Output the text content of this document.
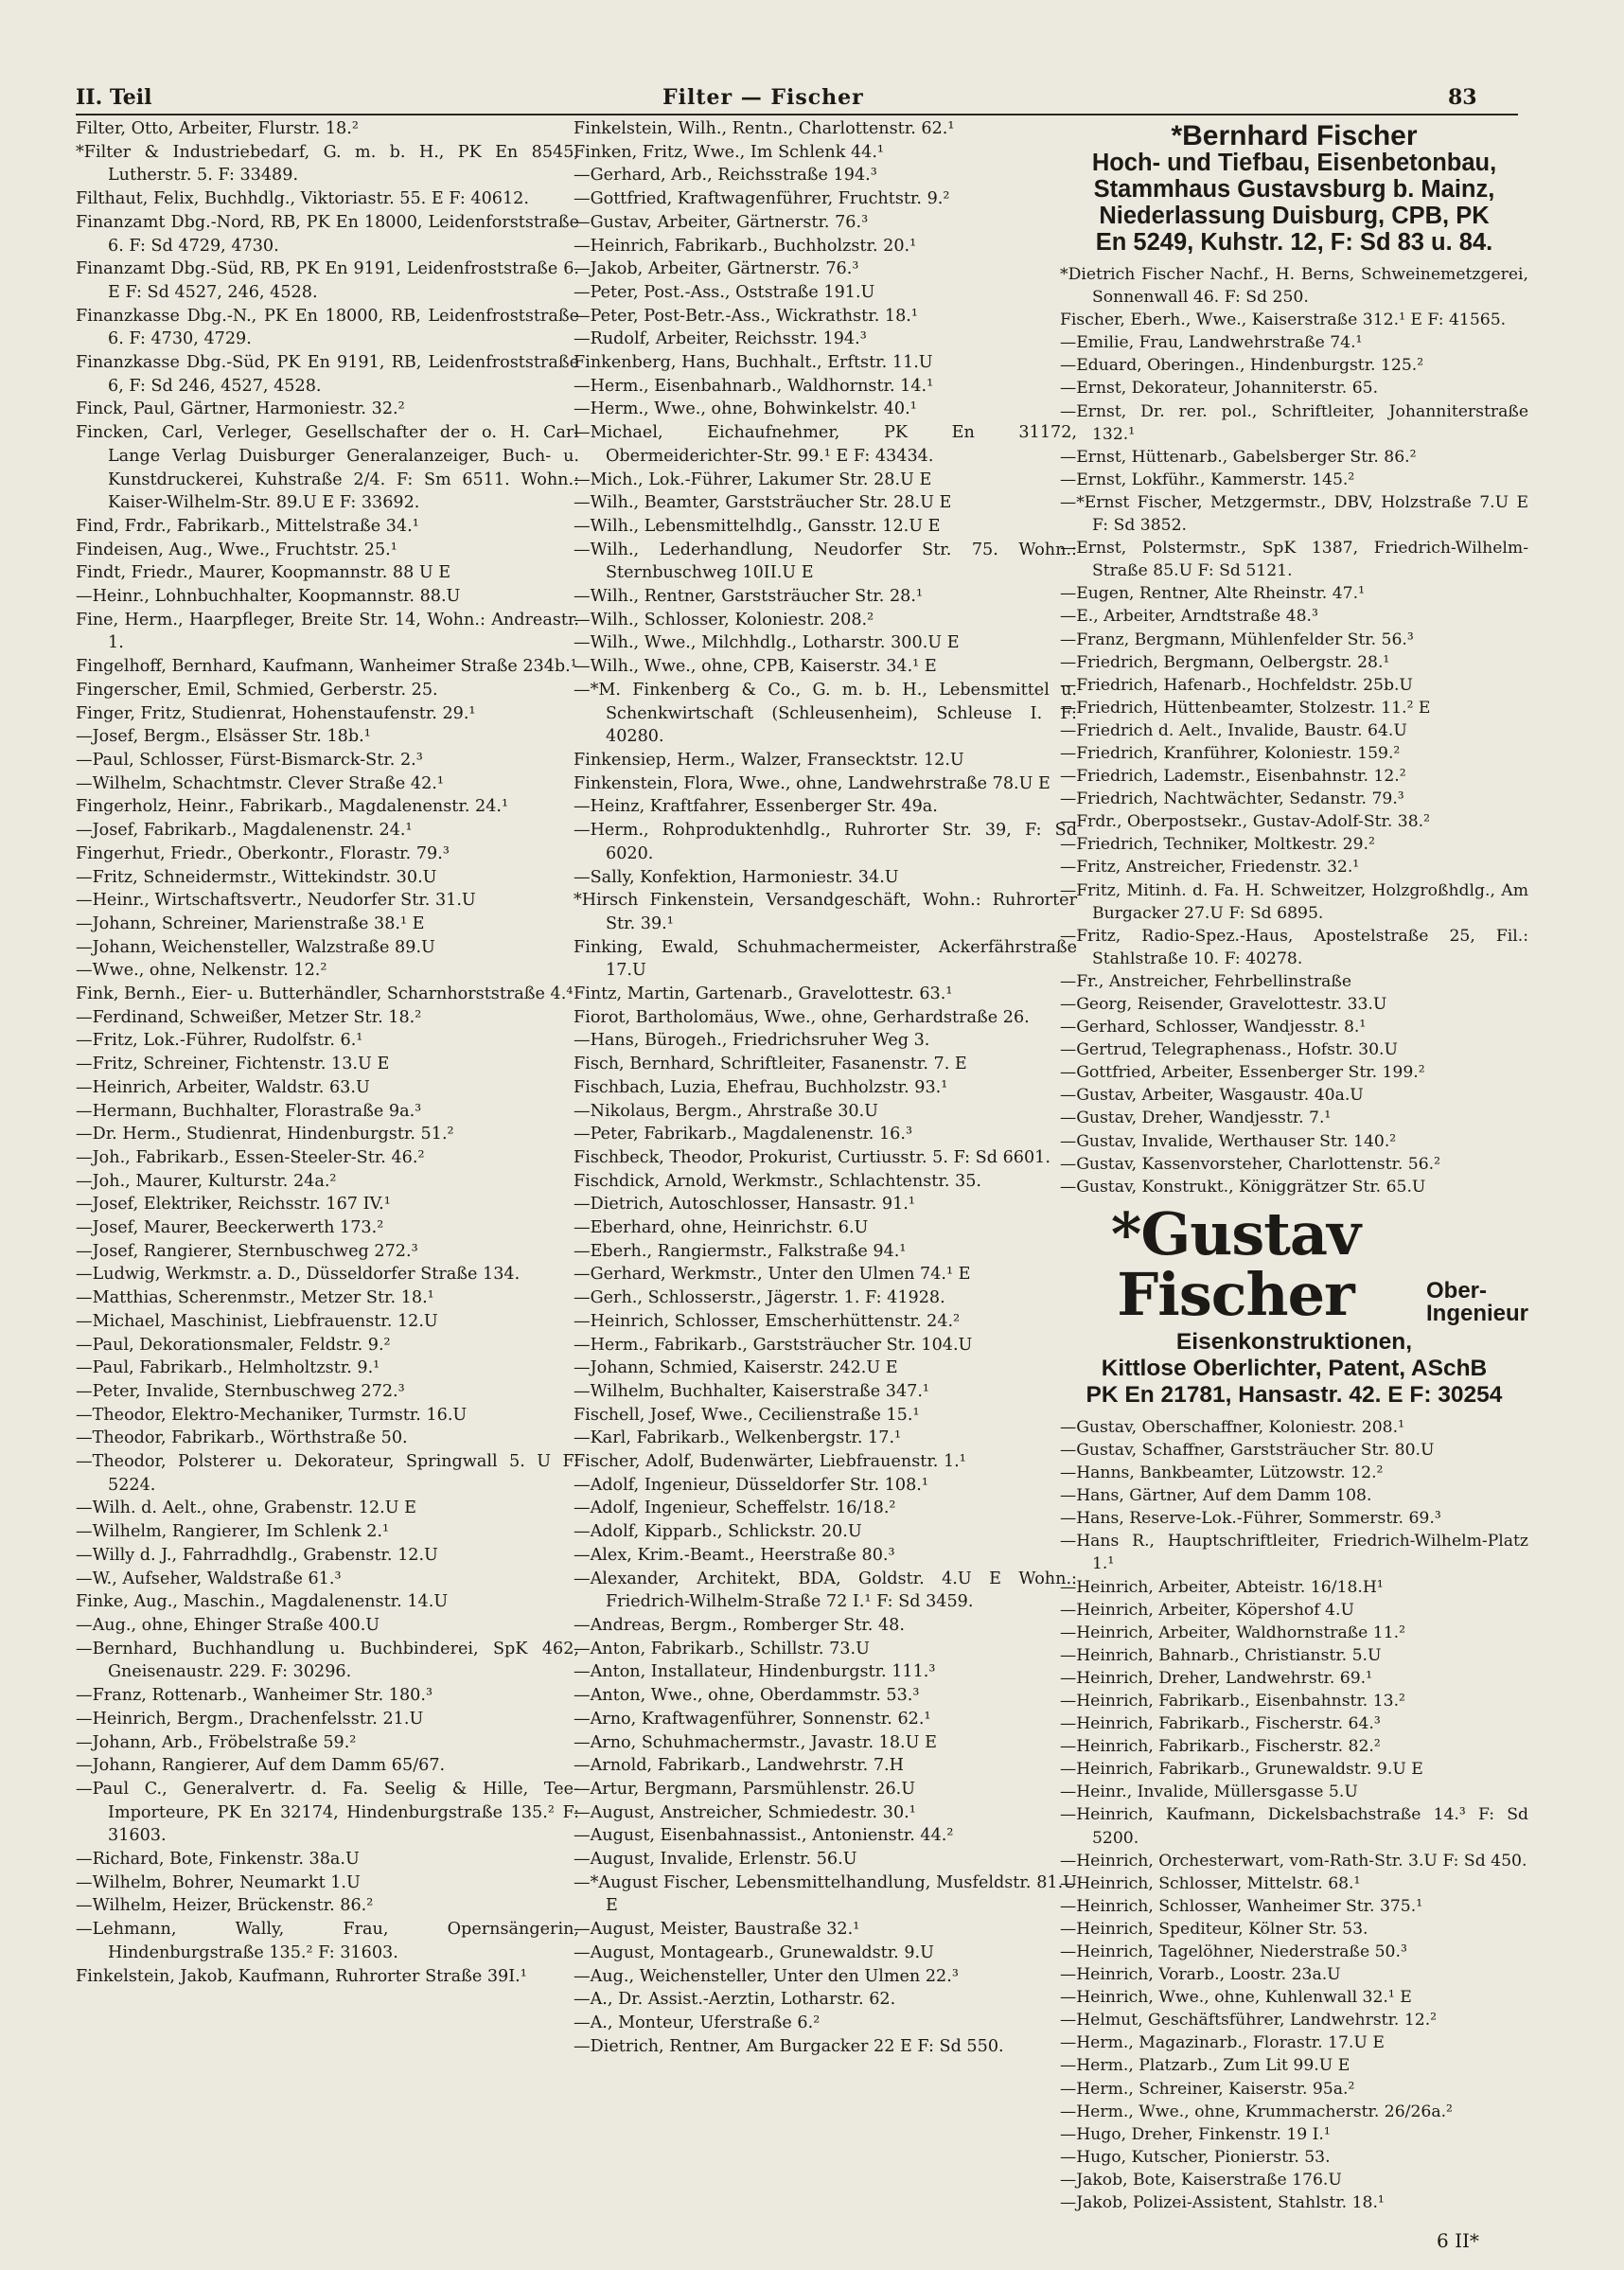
II. Teil	Filter — Fischer	83
Filter, Otto, Arbeiter, Flurstr. 18.²
*Filter & Industriebedarf, G. m. b. H., PK En 8545, Lutherstr. 5. F: 33489.
Filthaut, Felix, Buchhdlg., Viktoriastr. 55. E F: 40612.
Finanzamt Dbg.-Nord, RB, PK En 18000, Leidenforststraße 6. F: Sd 4729, 4730.
Finanzamt Dbg.-Süd, RB, PK En 9191, Leidenfroststraße 6. E F: Sd 4527, 246, 4528.
Finanzkasse Dbg.-N., PK En 18000, RB, Leidenfroststraße 6. F: 4730, 4729.
Finanzkasse Dbg.-Süd, PK En 9191, RB, Leidenfroststraße 6, F: Sd 246, 4527, 4528.
Finck, Paul, Gärtner, Harmoniestr. 32.²
Fincken, Carl, Verleger, Gesellschafter der o. H. Carl Lange Verlag Duisburger Generalanzeiger, Buch- u. Kunstdruckerei, Kuhstraße 2/4. F: Sm 6511. Wohn.: Kaiser-Wilhelm-Str. 89.U E F: 33692.
Find, Frdr., Fabrikarb., Mittelstraße 34.¹
Findeisen, Aug., Wwe., Fruchtstr. 25.¹
Findt, Friedr., Maurer, Koopmannstr. 88 U E
—Heinr., Lohnbuchhalter, Koopmannstr. 88.U
Fine, Herm., Haarpfleger, Breite Str. 14, Wohn.: Andreastr. 1.
Fingelhoff, Bernhard, Kaufmann, Wanheimer Straße 234b.¹
Fingerscher, Emil, Schmied, Gerberstr. 25.
Finger, Fritz, Studienrat, Hohenstaufenstr. 29.¹
—Josef, Bergm., Elsässer Str. 18b.¹
—Paul, Schlosser, Fürst-Bismarck-Str. 2.³
—Wilhelm, Schachtmstr. Clever Straße 42.¹
Fingerholz, Heinr., Fabrikarb., Magdalenenstr. 24.¹
—Josef, Fabrikarb., Magdalenenstr. 24.¹
Fingerhut, Friedr., Oberkontr., Florastr. 79.³
—Fritz, Schneidermstr., Wittekindstr. 30.U
—Heinr., Wirtschaftsvertr., Neudorfer Str. 31.U
—Johann, Schreiner, Marienstraße 38.¹ E
—Johann, Weichensteller, Walzstraße 89.U
—Wwe., ohne, Nelkenstr. 12.²
Fink, Bernh., Eier- u. Butterhändler, Scharnhorststraße 4.⁴
—Ferdinand, Schweißer, Metzer Str. 18.²
—Fritz, Lok.-Führer, Rudolfstr. 6.¹
—Fritz, Schreiner, Fichtenstr. 13.U E
—Heinrich, Arbeiter, Waldstr. 63.U
—Hermann, Buchhalter, Florastraße 9a.³
—Dr. Herm., Studienrat, Hindenburgstr. 51.²
—Joh., Fabrikarb., Essen-Steeler-Str. 46.²
—Joh., Maurer, Kulturstr. 24a.²
—Josef, Elektriker, Reichsstr. 167 IV.¹
—Josef, Maurer, Beeckerwerth 173.²
—Josef, Rangierer, Sternbuschweg 272.³
—Ludwig, Werkmstr. a. D., Düsseldorfer Straße 134.
—Matthias, Scherenmstr., Metzer Str. 18.¹
—Michael, Maschinist, Liebfrauenstr. 12.U
—Paul, Dekorationsmaler, Feldstr. 9.²
—Paul, Fabrikarb., Helmholtzstr. 9.¹
—Peter, Invalide, Sternbuschweg 272.³
—Theodor, Elektro-Mechaniker, Turmstr. 16.U
—Theodor, Fabrikarb., Wörthstraße 50.
—Theodor, Polsterer u. Dekorateur, Springwall 5. U F: 5224.
—Wilh. d. Aelt., ohne, Grabenstr. 12.U E
—Wilhelm, Rangierer, Im Schlenk 2.¹
—Willy d. J., Fahrradhdlg., Grabenstr. 12.U
—W., Aufseher, Waldstraße 61.³
Finke, Aug., Maschin., Magdalenenstr. 14.U
—Aug., ohne, Ehinger Straße 400.U
—Bernhard, Buchhandlung u. Buchbinderei, SpK 462, Gneisenaustr. 229. F: 30296.
—Franz, Rottenarb., Wanheimer Str. 180.³
—Heinrich, Bergm., Drachenfelsstr. 21.U
—Johann, Arb., Fröbelstraße 59.²
—Johann, Rangierer, Auf dem Damm 65/67.
—Paul C., Generalvertr. d. Fa. Seelig & Hille, Tee-Importeure, PK En 32174, Hindenburgstraße 135.² F: 31603.
—Richard, Bote, Finkenstr. 38a.U
—Wilhelm, Bohrer, Neumarkt 1.U
—Wilhelm, Heizer, Brückenstr. 86.²
—Lehmann, Wally, Frau, Opernsängerin, Hindenburgstraße 135.² F: 31603.
Finkelstein, Jakob, Kaufmann, Ruhrorter Straße 39I.¹
Finkelstein, Wilh., Rentn., Charlottenstr. 62.¹
Finken, Fritz, Wwe., Im Schlenk 44.¹
—Gerhard, Arb., Reichsstraße 194.³
—Gottfried, Kraftwagenführer, Fruchtstr. 9.²
—Gustav, Arbeiter, Gärtnerstr. 76.³
—Heinrich, Fabrikarb., Buchholzstr. 20.¹
—Jakob, Arbeiter, Gärtnerstr. 76.³
—Peter, Post.-Ass., Oststraße 191.U
—Peter, Post-Betr.-Ass., Wickrathstr. 18.¹
—Rudolf, Arbeiter, Reichsstr. 194.³
Finkenberg, Hans, Buchhalt., Erftstr. 11.U
—Herm., Eisenbahnarb., Waldhornstr. 14.¹
—Herm., Wwe., ohne, Bohwinkelstr. 40.¹
—Michael, Eichaufnehmer, PK En 31172, Obermeiderichter-Str. 99.¹ E F: 43434.
—Mich., Lok.-Führer, Lakumer Str. 28.U E
—Wilh., Beamter, Garststräucher Str. 28.U E
—Wilh., Lebensmittelhdlg., Gansstr. 12.U E
—Wilh., Lederhandlung, Neudorfer Str. 75. Wohn.: Sternbuschweg 10II.U E
—Wilh., Rentner, Garststräucher Str. 28.¹
—Wilh., Schlosser, Koloniestr. 208.²
—Wilh., Wwe., Milchhdlg., Lotharstr. 300.U E
—Wilh., Wwe., ohne, CPB, Kaiserstr. 34.¹ E
—*M. Finkenberg & Co., G. m. b. H., Lebensmittel u. Schenkwirtschaft (Schleusenheim), Schleuse I. F: 40280.
Finkensiep, Herm., Walzer, Fransecktstr. 12.U
Finkenstein, Flora, Wwe., ohne, Landwehrstraße 78.U E
—Heinz, Kraftfahrer, Essenberger Str. 49a.
—Herm., Rohproduktenhdlg., Ruhrorter Str. 39, F: Sd 6020.
—Sally, Konfektion, Harmoniestr. 34.U
*Hirsch Finkenstein, Versandgeschäft, Wohn.: Ruhrorter Str. 39.¹
Finking, Ewald, Schuhmachermeister, Ackerfährstraße 17.U
Fintz, Martin, Gartenarb., Gravelottestr. 63.¹
Fiorot, Bartholomäus, Wwe., ohne, Gerhardstraße 26.
—Hans, Bürogeh., Friedrichsruher Weg 3.
Fisch, Bernhard, Schriftleiter, Fasanenstr. 7. E
Fischbach, Luzia, Ehefrau, Buchholzstr. 93.¹
—Nikolaus, Bergm., Ahrstraße 30.U
—Peter, Fabrikarb., Magdalenenstr. 16.³
Fischbeck, Theodor, Prokurist, Curtiusstr. 5. F: Sd 6601.
Fischdick, Arnold, Werkmstr., Schlachtenstr. 35.
—Dietrich, Autoschlosser, Hansastr. 91.¹
—Eberhard, ohne, Heinrichstr. 6.U
—Eberh., Rangiermstr., Falkstraße 94.¹
—Gerhard, Werkmstr., Unter den Ulmen 74.¹ E
—Gerh., Schlosserstr., Jägerstr. 1. F: 41928.
—Heinrich, Schlosser, Emscherhüttenstr. 24.²
—Herm., Fabrikarb., Garststräucher Str. 104.U
—Johann, Schmied, Kaiserstr. 242.U E
—Wilhelm, Buchhalter, Kaiserstraße 347.¹
Fischell, Josef, Wwe., Cecilienstraße 15.¹
—Karl, Fabrikarb., Welkenbergstr. 17.¹
Fischer, Adolf, Budenwärter, Liebfrauenstr. 1.¹
—Adolf, Ingenieur, Düsseldorfer Str. 108.¹
—Adolf, Ingenieur, Scheffelstr. 16/18.²
—Adolf, Kipparb., Schlickstr. 20.U
—Alex, Krim.-Beamt., Heerstraße 80.³
—Alexander, Architekt, BDA, Goldstr. 4.U E Wohn.: Friedrich-Wilhelm-Straße 72 I.¹ F: Sd 3459.
—Andreas, Bergm., Romberger Str. 48.
—Anton, Fabrikarb., Schillstr. 73.U
—Anton, Installateur, Hindenburgstr. 111.³
—Anton, Wwe., ohne, Oberdammstr. 53.³
—Arno, Kraftwagenführer, Sonnenstr. 62.¹
—Arno, Schuhmachermstr., Javastr. 18.U E
—Arnold, Fabrikarb., Landwehrstr. 7.H
—Artur, Bergmann, Parsmühlenstr. 26.U
—August, Anstreicher, Schmiedestr. 30.¹
—August, Eisenbahnassist., Antonienstr. 44.²
—August, Invalide, Erlenstr. 56.U
—*August Fischer, Lebensmittelhandlung, Musfeldstr. 81.U E
—August, Meister, Baustraße 32.¹
—August, Montagearb., Grunewaldstr. 9.U
—Aug., Weichensteller, Unter den Ulmen 22.³
—A., Dr. Assist.-Aerztin, Lotharstr. 62.
—A., Monteur, Uferstraße 6.²
—Dietrich, Rentner, Am Burgacker 22 E F: Sd 550.
*Bernhard Fischer
Hoch- und Tiefbau, Eisenbetonbau,
Stammhaus Gustavsburg b. Mainz,
Niederlassung Duisburg, CPB, PK
En 5249, Kuhstr. 12, F: Sd 83 u. 84.
*Dietrich Fischer Nachf., H. Berns, Schweinemetzgerei, Sonnenwall 46. F: Sd 250.
Fischer, Eberh., Wwe., Kaiserstraße 312.¹ E F: 41565.
—Emilie, Frau, Landwehrstraße 74.¹
—Eduard, Oberingen., Hindenburgstr. 125.²
—Ernst, Dekorateur, Johanniterstr. 65.
—Ernst, Dr. rer. pol., Schriftleiter, Johanniterstraße 132.¹
—Ernst, Hüttenarb., Gabelsberger Str. 86.²
—Ernst, Lokführ., Kammerstr. 145.²
—*Ernst Fischer, Metzgermstr., DBV, Holzstraße 7.U E F: Sd 3852.
—Ernst, Polstermstr., SpK 1387, Friedrich-Wilhelm-Straße 85.U F: Sd 5121.
—Eugen, Rentner, Alte Rheinstr. 47.¹
—E., Arbeiter, Arndtstraße 48.³
—Franz, Bergmann, Mühlenfelder Str. 56.³
—Friedrich, Bergmann, Oelbergstr. 28.¹
—Friedrich, Hafenarb., Hochfeldstr. 25b.U
—Friedrich, Hüttenbeamter, Stolzestr. 11.² E
—Friedrich d. Aelt., Invalide, Baustr. 64.U
—Friedrich, Kranführer, Koloniestr. 159.²
—Friedrich, Lademstr., Eisenbahnstr. 12.²
—Friedrich, Nachtwächter, Sedanstr. 79.³
—Frdr., Oberpostsekr., Gustav-Adolf-Str. 38.²
—Friedrich, Techniker, Moltkestr. 29.²
—Fritz, Anstreicher, Friedenstr. 32.¹
—Fritz, Mitinh. d. Fa. H. Schweitzer, Holzgroßhdlg., Am Burgacker 27.U F: Sd 6895.
—Fritz, Radio-Spez.-Haus, Apostelstraße 25, Fil.: Stahlstraße 10. F: 40278.
—Fr., Anstreicher, Fehrbellinstraße
—Georg, Reisender, Gravelottestr. 33.U
—Gerhard, Schlosser, Wandjesstr. 8.¹
—Gertrud, Telegraphenass., Hofstr. 30.U
—Gottfried, Arbeiter, Essenberger Str. 199.²
—Gustav, Arbeiter, Wasgaustr. 40a.U
—Gustav, Dreher, Wandjesstr. 7.¹
—Gustav, Invalide, Werthauser Str. 140.²
—Gustav, Kassenvorsteher, Charlottenstr. 56.²
—Gustav, Konstrukt., Königgrätzer Str. 65.U
*Gustav Fischer	Ober-
Ingenieur
Eisenkonstruktionen,
Kittlose Oberlichter, Patent, ASchB
PK En 21781, Hansastr. 42. E F: 30254
—Gustav, Oberschaffner, Koloniestr. 208.¹
—Gustav, Schaffner, Garststräucher Str. 80.U
—Hanns, Bankbeamter, Lützowstr. 12.²
—Hans, Gärtner, Auf dem Damm 108.
—Hans, Reserve-Lok.-Führer, Sommerstr. 69.³
—Hans R., Hauptschriftleiter, Friedrich-Wilhelm-Platz 1.¹
—Heinrich, Arbeiter, Abteistr. 16/18.H¹
—Heinrich, Arbeiter, Köpershof 4.U
—Heinrich, Arbeiter, Waldhornstraße 11.²
—Heinrich, Bahnarb., Christianstr. 5.U
—Heinrich, Dreher, Landwehrstr. 69.¹
—Heinrich, Fabrikarb., Eisenbahnstr. 13.²
—Heinrich, Fabrikarb., Fischerstr. 64.³
—Heinrich, Fabrikarb., Fischerstr. 82.²
—Heinrich, Fabrikarb., Grunewaldstr. 9.U E
—Heinr., Invalide, Müllersgasse 5.U
—Heinrich, Kaufmann, Dickelsbachstraße 14.³ F: Sd 5200.
—Heinrich, Orchesterwart, vom-Rath-Str. 3.U F: Sd 450.
—Heinrich, Schlosser, Mittelstr. 68.¹
—Heinrich, Schlosser, Wanheimer Str. 375.¹
—Heinrich, Spediteur, Kölner Str. 53.
—Heinrich, Tagelöhner, Niederstraße 50.³
—Heinrich, Vorarb., Loostr. 23a.U
—Heinrich, Wwe., ohne, Kuhlenwall 32.¹ E
—Helmut, Geschäftsführer, Landwehrstr. 12.²
—Herm., Magazinarb., Florastr. 17.U E
—Herm., Platzarb., Zum Lit 99.U E
—Herm., Schreiner, Kaiserstr. 95a.²
—Herm., Wwe., ohne, Krummacherstr. 26/26a.²
—Hugo, Dreher, Finkenstr. 19 I.¹
—Hugo, Kutscher, Pionierstr. 53.
—Jakob, Bote, Kaiserstraße 176.U
—Jakob, Polizei-Assistent, Stahlstr. 18.¹
6 II*
